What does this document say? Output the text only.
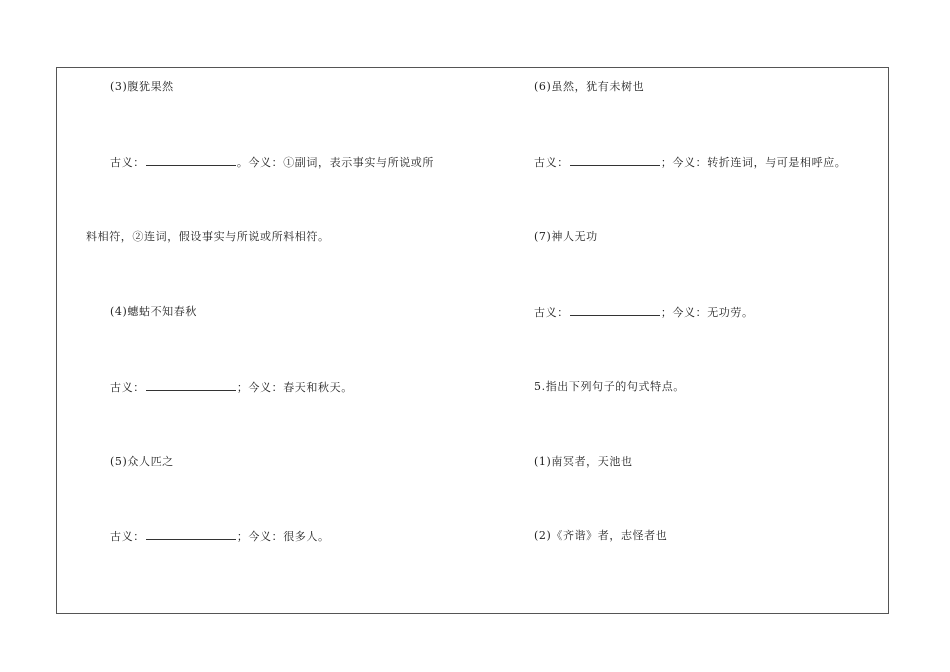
(3)腹犹果然
古义：	。今义：①副词，表示事实与所说或所
料相符，②连词，假设事实与所说或所料相符。
(4)蟪蛄不知春秋
古义：	；今义：春天和秋天。
(5)众人匹之
古义：	；今义：很多人。
(6)虽然，犹有未树也
古义：	；今义：转折连词，与可是相呼应。
(7)神人无功
古义：	；今义：无功劳。
5.指出下列句子的句式特点。
(1)南冥者，天池也
(2)《齐谐》者，志怪者也
